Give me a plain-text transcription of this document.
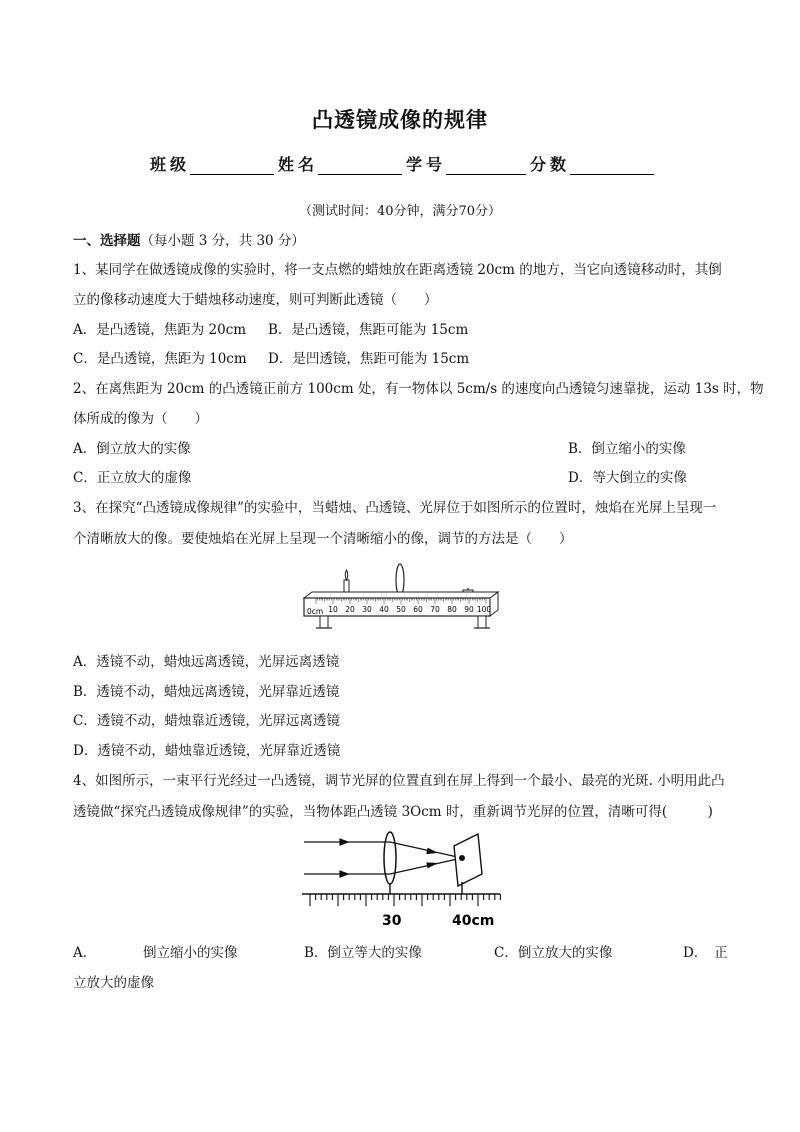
凸透镜成像的规律
班级	姓名	学号	分数
（测试时间：40分钟，满分70分）
一、选择题（每小题 3 分，共 30 分）
1、某同学在做透镜成像的实验时，将一支点燃的蜡烛放在距离透镜 20cm 的地方，当它向透镜移动时，其倒
立的像移动速度大于蜡烛移动速度，则可判断此透镜（　　）
A．是凸透镜，焦距为 20cm B．是凸透镜，焦距可能为 15cm
C．是凸透镜，焦距为 10cm D．是凹透镜，焦距可能为 15cm
2、在离焦距为 20cm 的凸透镜正前方 100cm 处，有一物体以 5cm/s 的速度向凸透镜匀速靠拢，运动 13s 时，物
体所成的像为（　　）
A．倒立放大的实像	B．倒立缩小的实像
C．正立放大的虚像	D．等大倒立的实像
3、在探究“凸透镜成像规律”的实验中，当蜡烛、凸透镜、光屏位于如图所示的位置时，烛焰在光屏上呈现一
个清晰放大的像。要使烛焰在光屏上呈现一个清晰缩小的像，调节的方法是（　　）
0cm 10 20 30 40 50 60 70 80 90 100
A．透镜不动，蜡烛远离透镜，光屏远离透镜
B．透镜不动，蜡烛远离透镜，光屏靠近透镜
C．透镜不动，蜡烛靠近透镜，光屏远离透镜
D．透镜不动，蜡烛靠近透镜，光屏靠近透镜
4、如图所示，一束平行光经过一凸透镜，调节光屏的位置直到在屏上得到一个最小、最亮的光斑. 小明用此凸
透镜做“探究凸透镜成像规律”的实验，当物体距凸透镜 3Ocm 时，重新调节光屏的位置，清晰可得(　　　)
30	40cm
A．	倒立缩小的实像	B．倒立等大的实像	C．倒立放大的实像	D．　正
立放大的虚像
